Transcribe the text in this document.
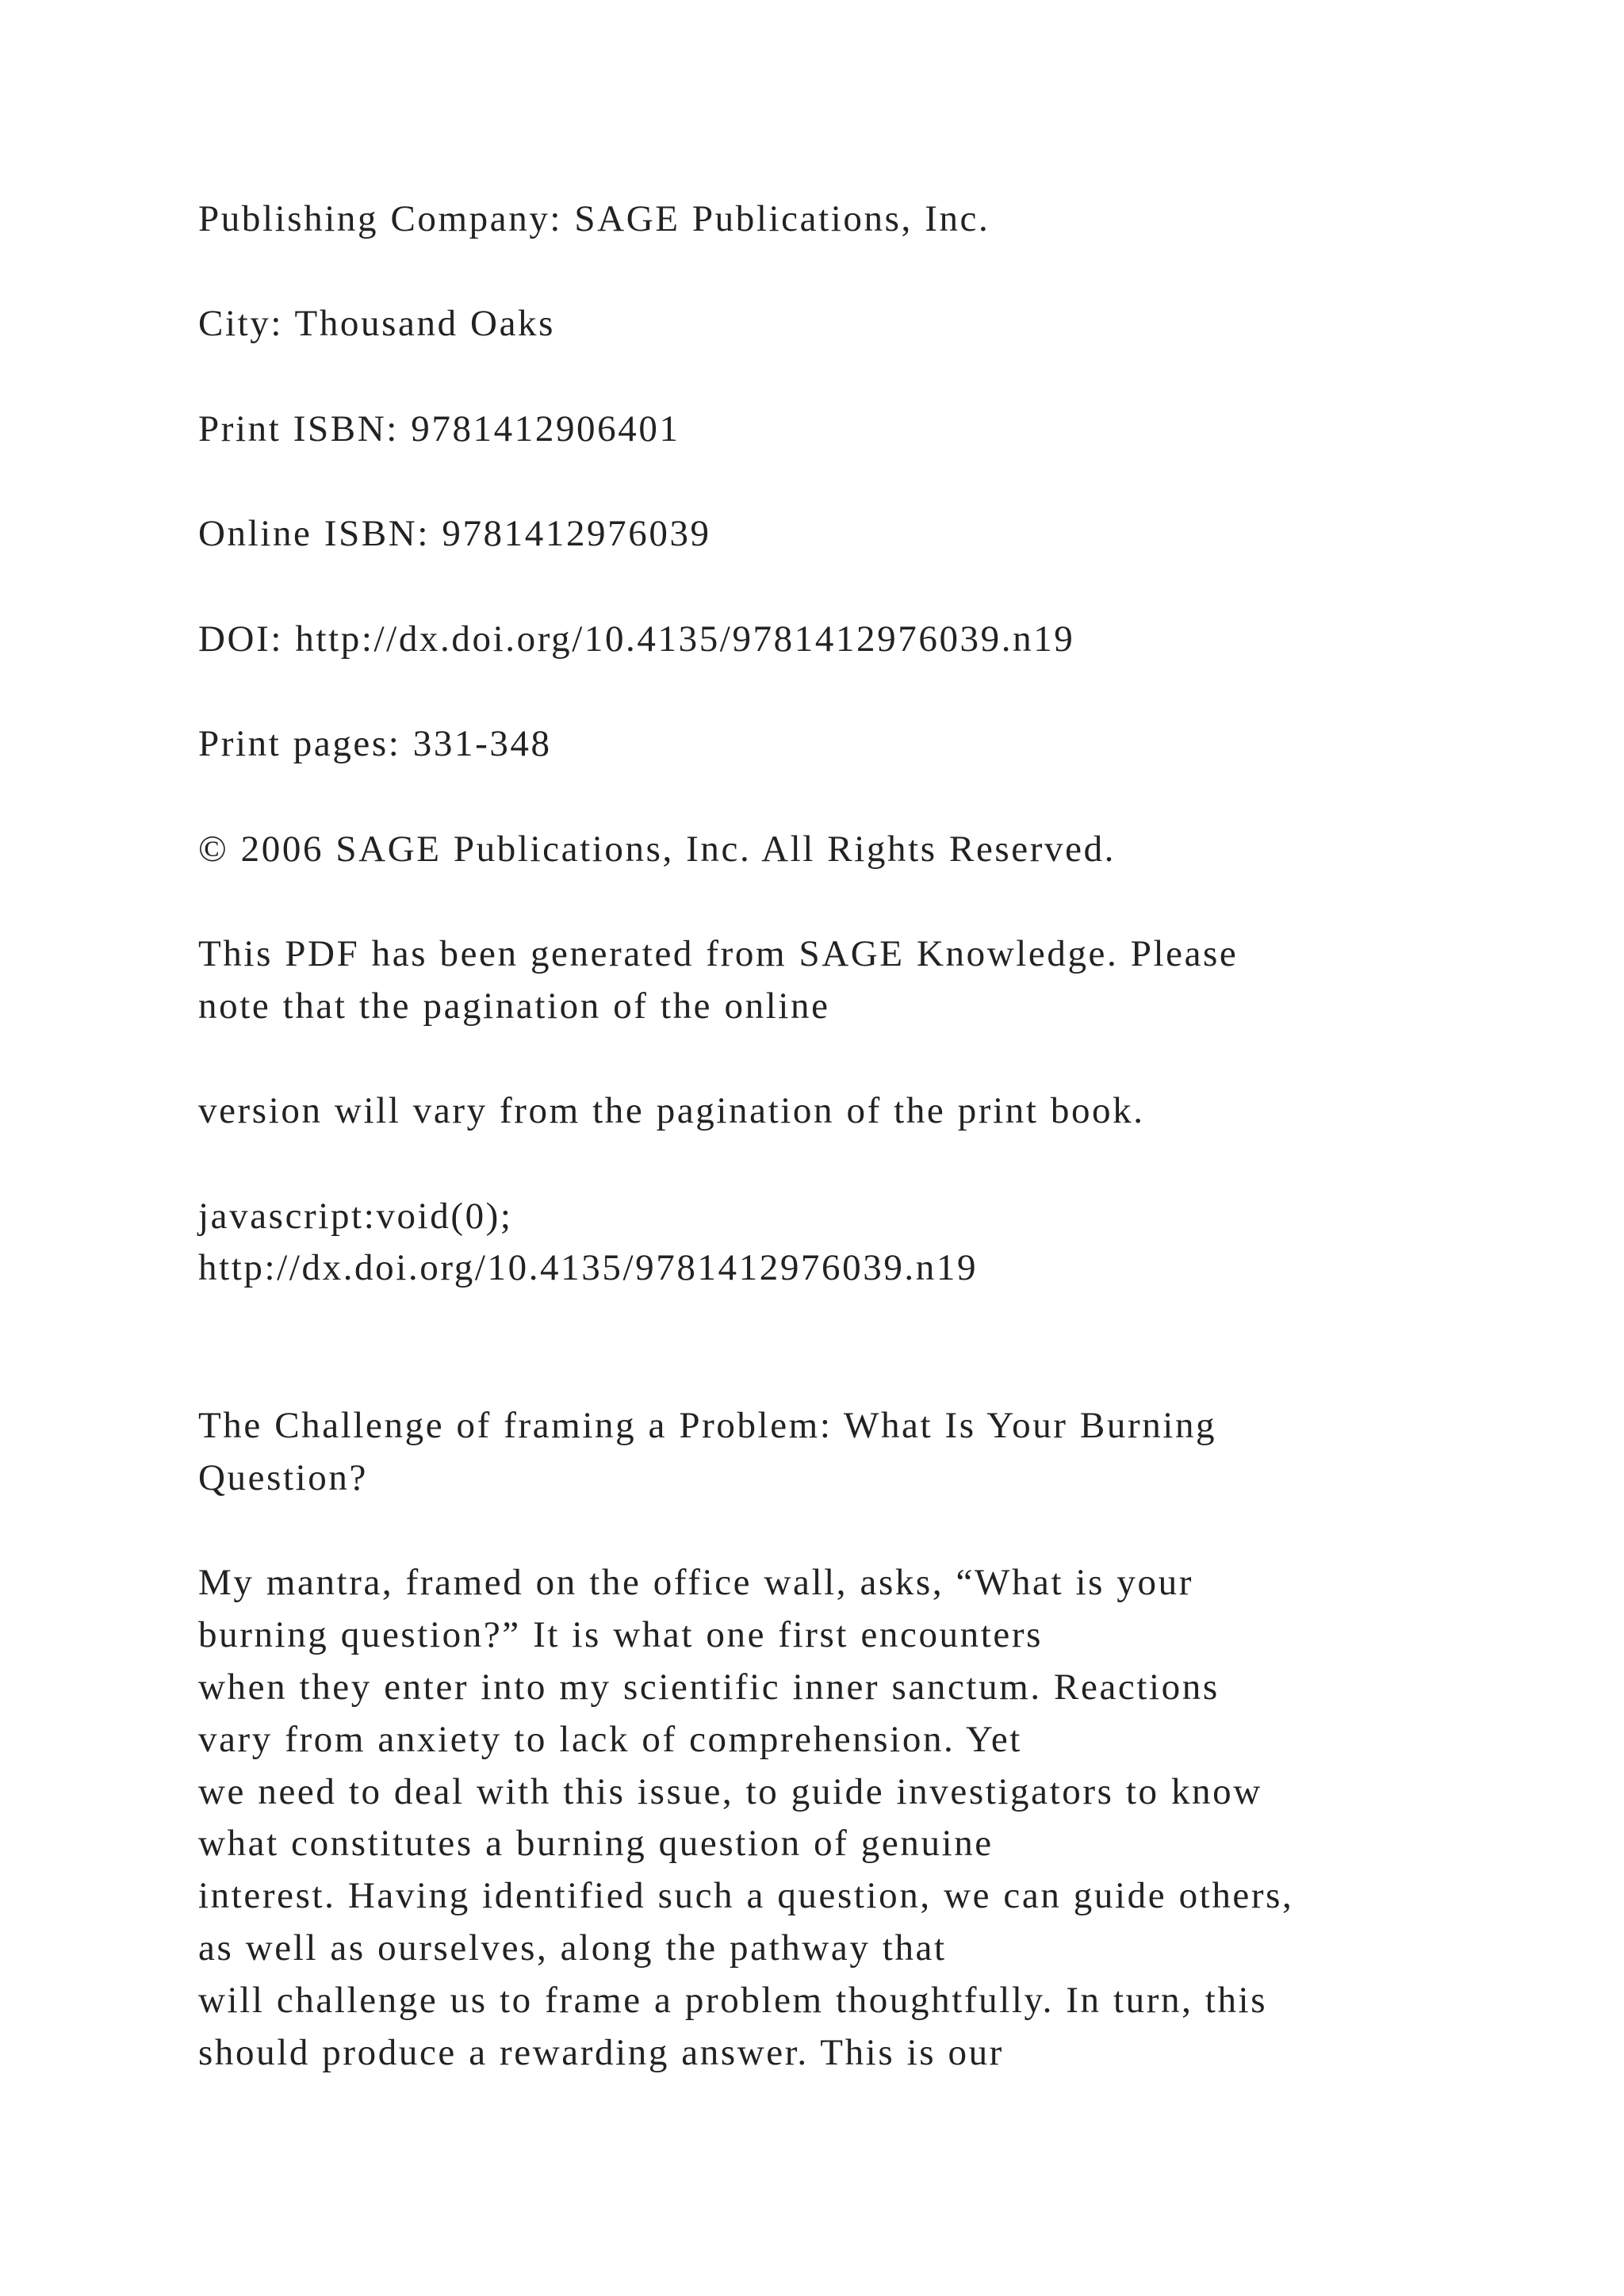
Publishing Company: SAGE Publications, Inc.

City: Thousand Oaks

Print ISBN: 9781412906401

Online ISBN: 9781412976039

DOI: http://dx.doi.org/10.4135/9781412976039.n19

Print pages: 331-348

© 2006 SAGE Publications, Inc. All Rights Reserved.

This PDF has been generated from SAGE Knowledge. Please

note that the pagination of the online

version will vary from the pagination of the print book.

javascript:void(0);

http://dx.doi.org/10.4135/9781412976039.n19

The Challenge of framing a Problem: What Is Your Burning

Question?

My mantra, framed on the office wall, asks, “What is your

burning question?” It is what one first encounters

when they enter into my scientific inner sanctum. Reactions

vary from anxiety to lack of comprehension. Yet

we need to deal with this issue, to guide investigators to know

what constitutes a burning question of genuine

interest. Having identified such a question, we can guide others,

as well as ourselves, along the pathway that

will challenge us to frame a problem thoughtfully. In turn, this

should produce a rewarding answer. This is our
